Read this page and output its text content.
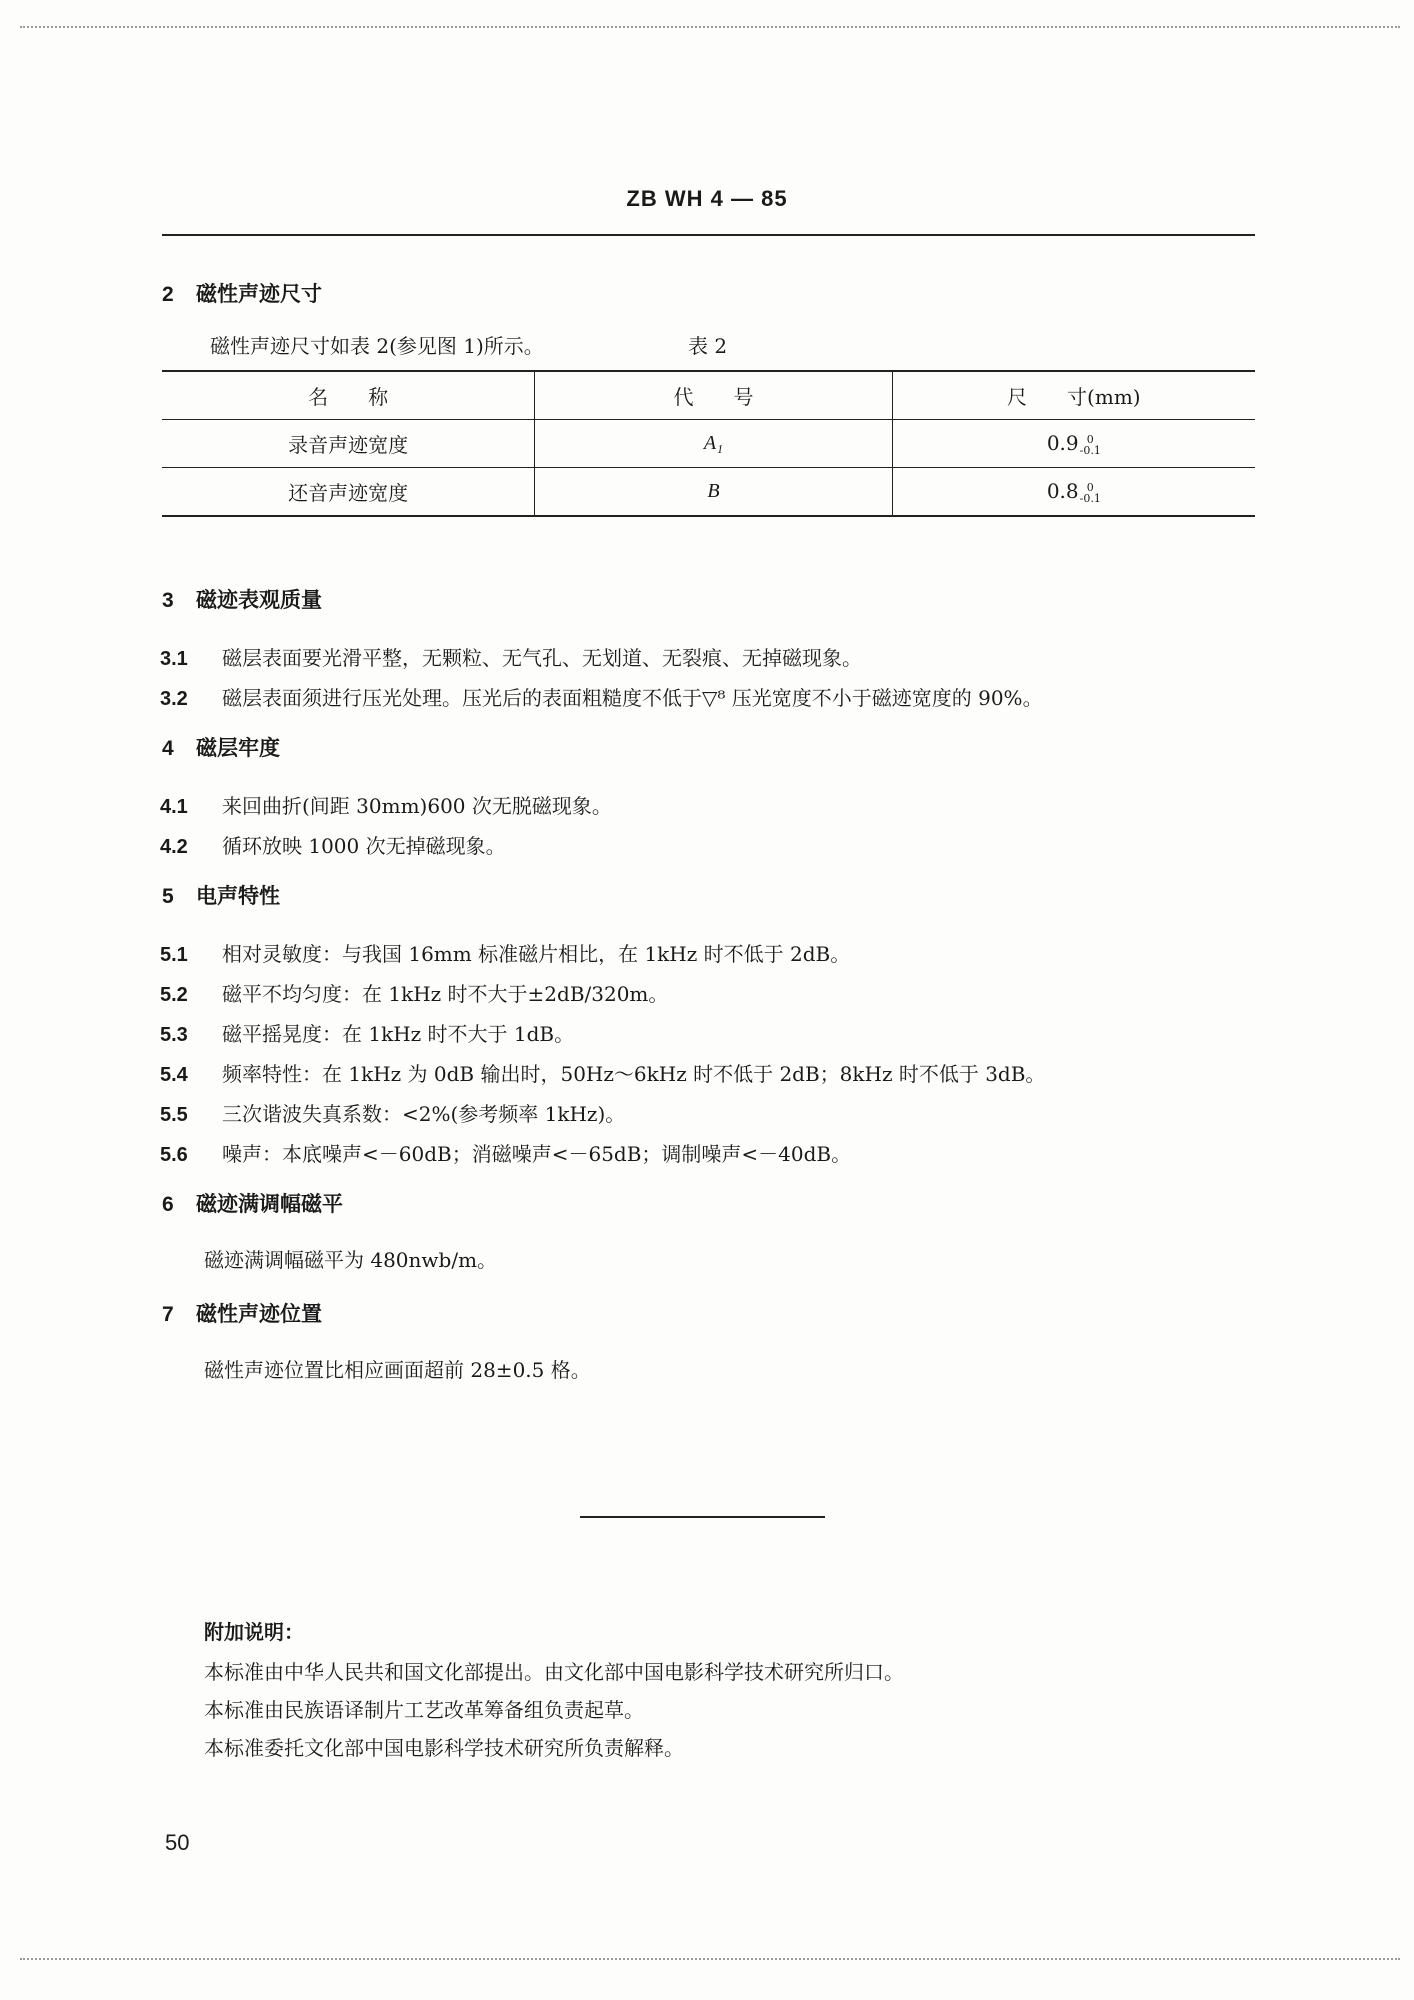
ZB WH 4 — 85
2 磁性声迹尺寸
磁性声迹尺寸如表 2(参见图 1)所示。	表 2
名　　称	代　　号	尺　　寸(mm)
录音声迹宽度	A₁	0.9 0
-0.1

还音声迹宽度	B	0.8 0
-0.1
3 磁迹表观质量
3.1 磁层表面要光滑平整，无颗粒、无气孔、无划道、无裂痕、无掉磁现象。
3.2 磁层表面须进行压光处理。压光后的表面粗糙度不低于▽⁸ 压光宽度不小于磁迹宽度的 90%。
4 磁层牢度
4.1 来回曲折(间距 30mm)600 次无脱磁现象。
4.2 循环放映 1000 次无掉磁现象。
5 电声特性
5.1 相对灵敏度：与我国 16mm 标准磁片相比，在 1kHz 时不低于 2dB。
5.2 磁平不均匀度：在 1kHz 时不大于±2dB/320m。
5.3 磁平摇晃度：在 1kHz 时不大于 1dB。
5.4 频率特性：在 1kHz 为 0dB 输出时，50Hz～6kHz 时不低于 2dB；8kHz 时不低于 3dB。
5.5 三次谐波失真系数：<2%(参考频率 1kHz)。
5.6 噪声：本底噪声<－60dB；消磁噪声<－65dB；调制噪声<－40dB。
6 磁迹满调幅磁平
磁迹满调幅磁平为 480nwb/m。
7 磁性声迹位置
磁性声迹位置比相应画面超前 28±0.5 格。
附加说明：
本标准由中华人民共和国文化部提出。由文化部中国电影科学技术研究所归口。
本标准由民族语译制片工艺改革筹备组负责起草。
本标准委托文化部中国电影科学技术研究所负责解释。
50
